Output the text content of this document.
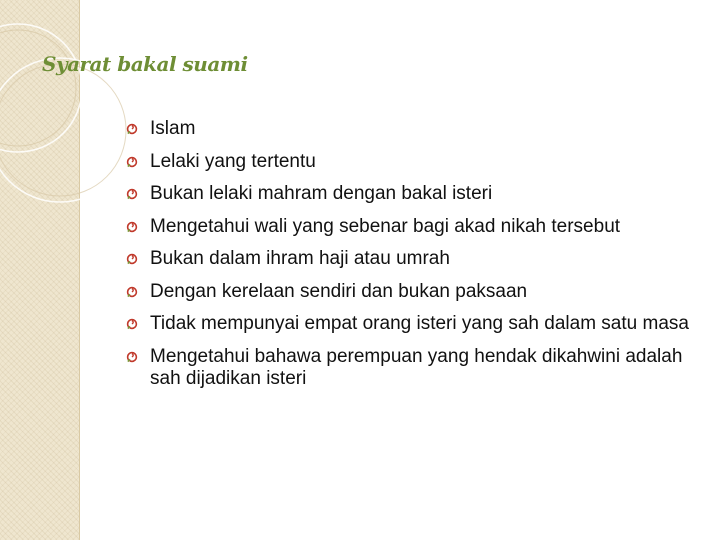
Syarat bakal suami
Islam
Lelaki yang tertentu
Bukan lelaki mahram dengan bakal isteri
Mengetahui wali yang sebenar bagi akad nikah tersebut
Bukan dalam ihram haji atau umrah
Dengan kerelaan sendiri dan bukan paksaan
Tidak mempunyai empat orang isteri yang sah dalam satu masa
Mengetahui bahawa perempuan yang hendak dikahwini adalah sah dijadikan isteri
